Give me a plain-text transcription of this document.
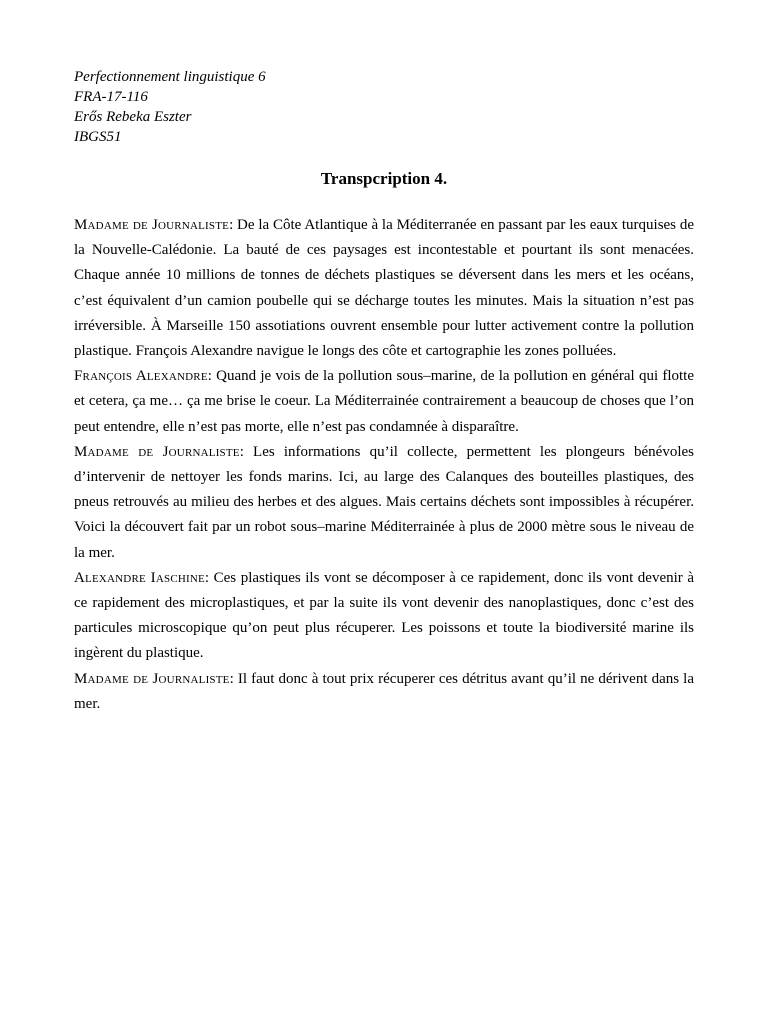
Perfectionnement linguistique 6
FRA-17-116
Erős Rebeka Eszter
IBGS51
Transpcription 4.

Madame de Journaliste: De la Côte Atlantique à la Méditerranée en passant par les eaux turquises de la Nouvelle-Calédonie. La bauté de ces paysages est incontestable et pourtant ils sont menacées. Chaque année 10 millions de tonnes de déchets plastiques se déversent dans les mers et les océans, c’est équivalent d’un camion poubelle qui se décharge toutes les minutes. Mais la situation n’est pas irréversible. À Marseille 150 assotiations ouvrent ensemble pour lutter activement contre la pollution plastique. François Alexandre navigue le longs des côte et cartographie les zones polluées.

François Alexandre: Quand je vois de la pollution sous–marine, de la pollution en général qui flotte et cetera, ça me… ça me brise le coeur. La Méditerrainée contrairement a beaucoup de choses que l’on peut entendre, elle n’est pas morte, elle n’est pas condamnée à disparaître.

Madame de Journaliste: Les informations qu’il collecte, permettent les plongeurs bénévoles d’intervenir de nettoyer les fonds marins. Ici, au large des Calanques des bouteilles plastiques, des pneus retrouvés au milieu des herbes et des algues. Mais certains déchets sont impossibles à récupérer. Voici la découvert fait par un robot sous–marine Méditerrainée à plus de 2000 mètre sous le niveau de la mer.

Alexandre Iaschine: Ces plastiques ils vont se décomposer à ce rapidement, donc ils vont devenir à ce rapidement des microplastiques, et par la suite ils vont devenir des nanoplastiques, donc c’est des particules microscopique qu’on peut plus récuperer. Les poissons et toute la biodiversité marine ils ingèrent du plastique.

Madame de Journaliste: Il faut donc à tout prix récuperer ces détritus avant qu’il ne dérivent dans la mer.
